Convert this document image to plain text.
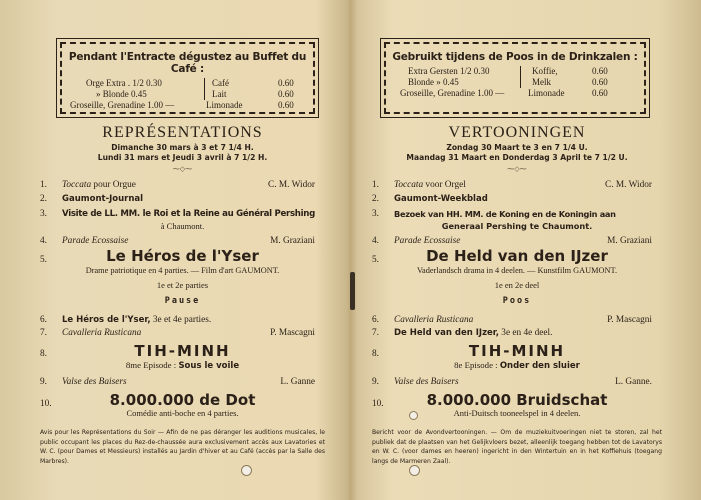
Pendant l'Entracte dégustez au Buffet du Café :
Orge Extra . 1/2 0.30	Café	0.60
» Blonde 0.45	Lait	0.60
Groseille, Grenadine 1.00 —	Limonade	0.60
REPRÉSENTATIONS
Dimanche 30 mars à 3 et 7 1/4 H.
Lundi 31 mars et Jeudi 3 avril à 7 1/2 H.
⁓◇⁓
1. Toccata pour Orgue	C. M. Widor
2. Gaumont-Journal
3. Visite de LL. MM. le Roi et la Reine au Général Pershing
à Chaumont.
4. Parade Ecossaise	M. Graziani
5.	Le Héros de l'Yser
Drame patriotique en 4 parties. — Film d'art GAUMONT.
1e et 2e parties
Pause
6. Le Héros de l'Yser, 3e et 4e parties.
7. Cavalleria Rusticana	P. Mascagni
8.	TIH-MINH
8me Episode : Sous le voile
9. Valse des Baisers	L. Ganne
10.	8.000.000 de Dot
Comédie anti-boche en 4 parties.
Avis pour les Représentations du Soir — Afin de ne pas déranger les auditions musicales, le public occupant les places du Rez-de-chaussée aura exclusivement accès aux Lavatories et W. C. (pour Dames et Messieurs) installés au Jardin d'hiver et au Café (accès par la Salle des Marbres).
Gebruikt tijdens de Poos in de Drinkzalen :
Extra Gersten 1/2 0.30	Koffie,	0.60
Blonde » 0.45	Melk	0.60
Groseille, Grenadine 1.00 —	Limonade	0.60
VERTOONINGEN
Zondag 30 Maart te 3 en 7 1/4 U.
Maandag 31 Maart en Donderdag 3 April te 7 1/2 U.
⁓◇⁓
1. Toccata voor Orgel	C. M. Widor
2. Gaumont-Weekblad
3. Bezoek van HH. MM. de Koning en de Koningin aan
Generaal Pershing te Chaumont.
4. Parade Ecossaise	M. Graziani
5.	De Held van den IJzer
Vaderlandsch drama in 4 deelen. — Kunstfilm GAUMONT.
1e en 2e deel
Poos
6. Cavalleria Rusticana	P. Mascagni
7. De Held van den IJzer, 3e en 4e deel.
8.	TIH-MINH
8e Episode : Onder den sluier
9. Valse des Baisers	L. Ganne.
10.	8.000.000 Bruidschat
Anti-Duitsch tooneelspel in 4 deelen.
Bericht voor de Avondvertooningen. — Om de muziekuitvoeringen niet te storen, zal het publiek dat de plaatsen van het Gelijkvloers bezet, alleenlijk toegang hebben tot de Lavatorys en W. C. (voor dames en heeren) ingericht in den Wintertuin en in het Koffiehuis (toegang langs de Marmeren Zaal).
